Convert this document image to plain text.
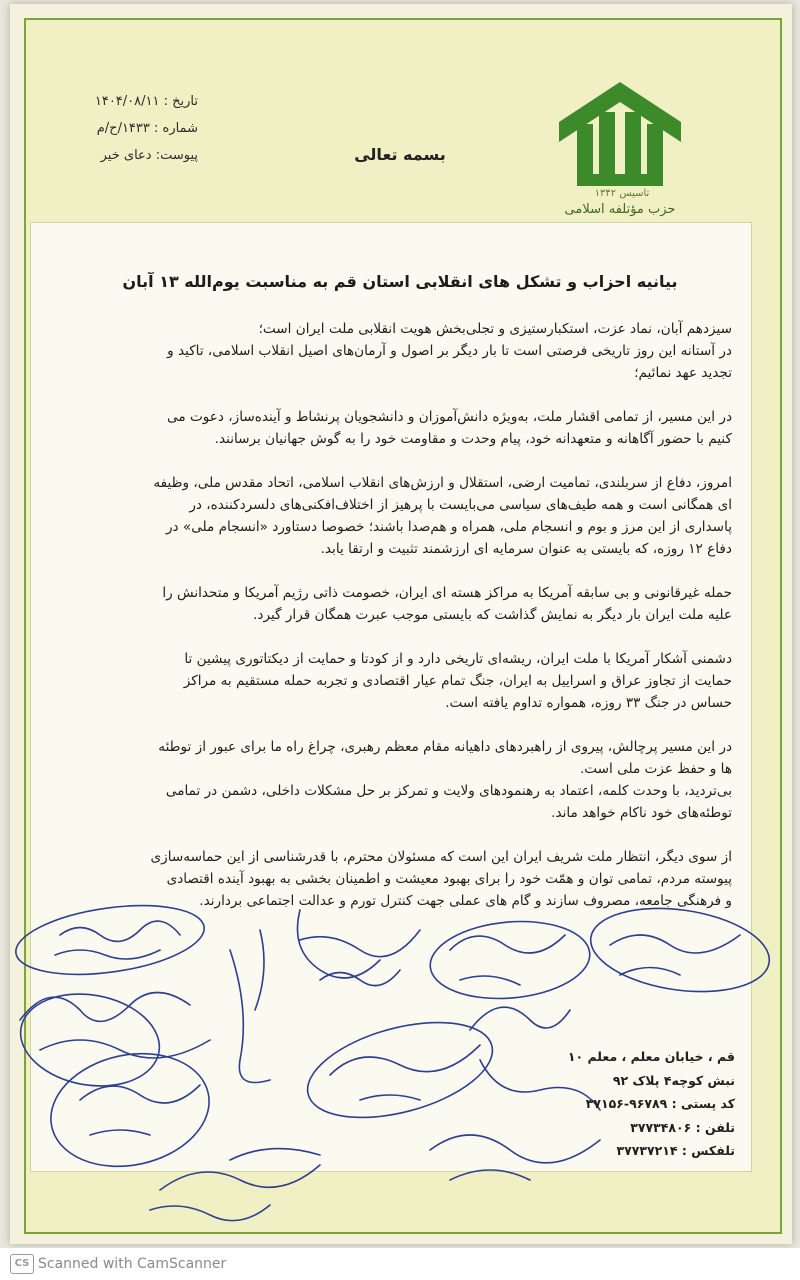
تاریخ : ۱۴۰۴/۰۸/۱۱
شماره : ۱۴۳۳/ح/م
پیوست: دعای خیر	بسمه تعالی
تاسیس ۱۳۴۲
حزب مؤتلفه اسلامی
بیانیه احزاب و تشکل های انقلابی استان قم به مناسبت یوم‌الله ۱۳ آبان

سیزدهم آبان، نماد عزت، استکبارستیزی و تجلی‌بخش هویت انقلابی ملت ایران است؛
در آستانه این روز تاریخی فرصتی است تا بار دیگر بر اصول و آرمان‌های اصیل انقلاب اسلامی، تاکید و
تجدید عهد نمائیم؛

در این مسیر، از تمامی اقشار ملت، به‌ویژه دانش‌آموزان و دانشجویان پرنشاط و آینده‌ساز، دعوت می
کنیم با حضور آگاهانه و متعهدانه خود، پیام وحدت و مقاومت خود را به گوش جهانیان برسانند.

امروز، دفاع از سربلندی، تمامیت ارضی، استقلال و ارزش‌های انقلاب اسلامی، اتحاد مقدس ملی، وظیفه
ای همگانی است و همه طیف‌های سیاسی می‌بایست با پرهیز از اختلاف‌افکنی‌های دلسردکننده، در
پاسداری از این مرز و بوم و انسجام ملی، همراه و هم‌صدا باشند؛ خصوصا دستاورد «انسجام ملی» در
دفاع ۱۲ روزه، که بایستی به عنوان سرمایه ای ارزشمند تثبیت و ارتقا یابد.

حمله غیرقانونی و بی سابقه آمریکا به مراکز هسته ای ایران، خصومت ذاتی رژیم آمریکا و متحدانش را
علیه ملت ایران بار دیگر به نمایش گذاشت که بایستی موجب عبرت همگان قرار گیرد.

دشمنی آشکار آمریکا با ملت ایران، ریشه‌ای تاریخی دارد و از کودتا و حمایت از دیکتاتوری پیشین تا
حمایت از تجاوز عراق و اسراییل به ایران، جنگ تمام عیار اقتصادی و تجربه حمله مستقیم به مراکز
حساس در جنگ ۳۳ روزه، همواره تداوم یافته است.

در این مسیر پرچالش، پیروی از راهبردهای داهیانه مقام معظم رهبری، چراغ راه ما برای عبور از توطئه
ها و حفظ عزت ملی است.
بی‌تردید، با وحدت کلمه، اعتماد به رهنمودهای ولایت و تمرکز بر حل مشکلات داخلی، دشمن در تمامی
توطئه‌های خود ناکام خواهد ماند.

از سوی دیگر، انتظار ملت شریف ایران این است که مسئولان محترم، با قدرشناسی از این حماسه‌سازی
پیوسته مردم، تمامی توان و همّت خود را برای بهبود معیشت و اطمینان بخشی به بهبود آینده اقتصادی
و فرهنگی جامعه، مصروف سازند و گام های عملی جهت کنترل تورم و عدالت اجتماعی بردارند.

قم ، خیابان معلم ، معلم ۱۰
نبش کوچه۴ پلاک ۹۲
کد پستی : ۹۶۷۸۹-۳۷۱۵۶
تلفن : ۳۷۷۳۴۸۰۶
تلفکس : ۳۷۷۳۷۲۱۴
CS Scanned with CamScanner
